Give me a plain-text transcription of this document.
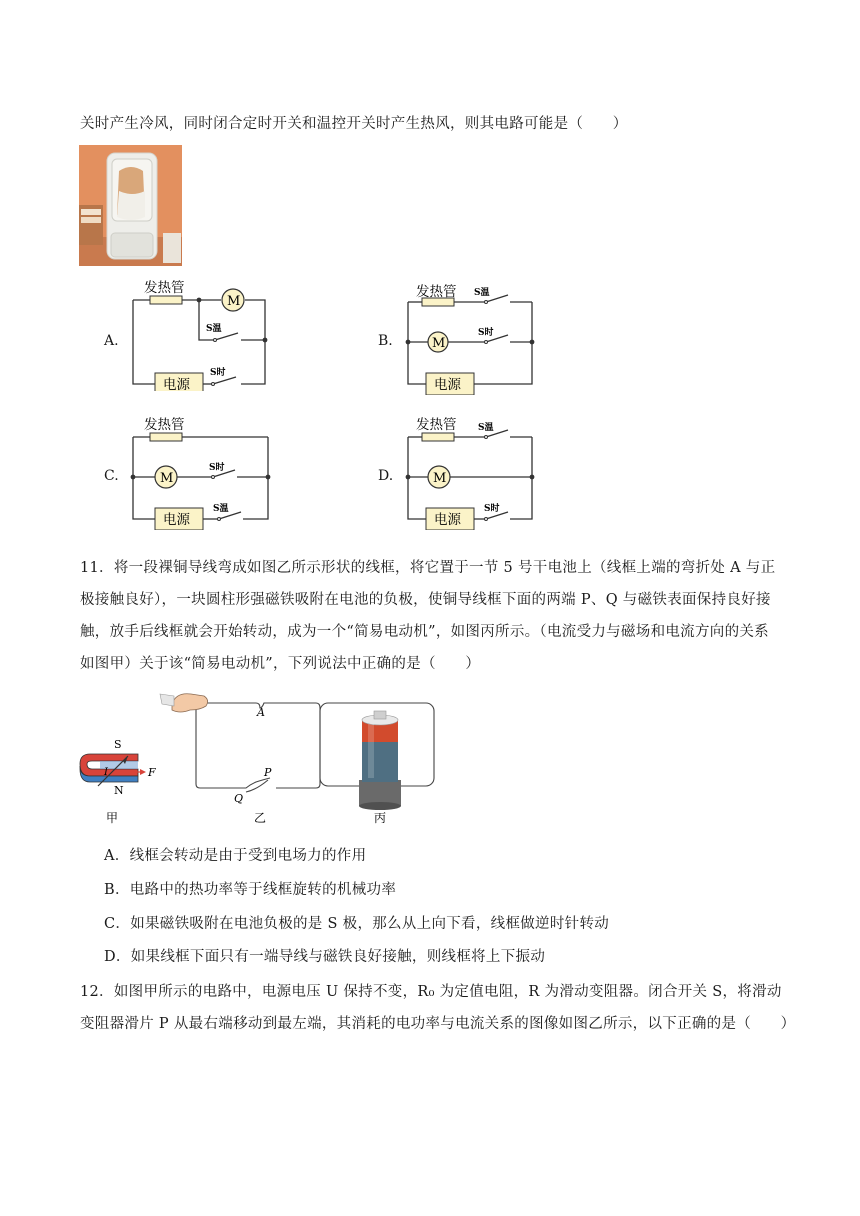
关时产生冷风，同时闭合定时开关和温控开关时产生热风，则其电路可能是（　　）
A.	B.
C.	D.
发热管
M
S温
S时
电源
发热管
M
S温
S时
电源
发热管
M
S时
S温
电源
发热管
M
S温
S时
电源
11．将一段裸铜导线弯成如图乙所示形状的线框，将它置于一节 5 号干电池上（线框上端的弯折处 A 与正
极接触良好），一块圆柱形强磁铁吸附在电池的负极，使铜导线框下面的两端 P、Q 与磁铁表面保持良好接
触，放手后线框就会开始转动，成为一个“简易电动机”，如图丙所示。（电流受力与磁场和电流方向的关系
如图甲）关于该“简易电动机”，下列说法中正确的是（　　）
S
N
I	F
甲
A
P
Q
乙	丙
A．线框会转动是由于受到电场力的作用
B．电路中的热功率等于线框旋转的机械功率
C．如果磁铁吸附在电池负极的是 S 极，那么从上向下看，线框做逆时针转动
D．如果线框下面只有一端导线与磁铁良好接触，则线框将上下振动
12．如图甲所示的电路中，电源电压 U 保持不变，R₀ 为定值电阻，R 为滑动变阻器。闭合开关 S，将滑动
变阻器滑片 P 从最右端移动到最左端，其消耗的电功率与电流关系的图像如图乙所示，以下正确的是（　　）
